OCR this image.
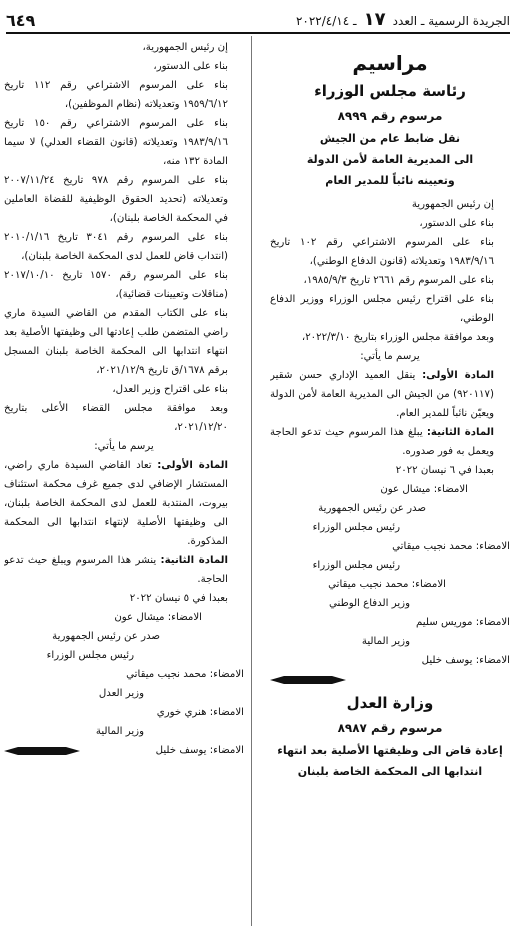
الجريدة الرسمية ـ العدد ١٧ ـ ٢٠٢٢/٤/١٤
٦٤٩
مراسيم
رئاسة مجلس الوزراء
مرسوم رقم ٨٩٩٩
نقل ضابط عام من الجيش
الى المديرية العامة لأمن الدولة
وتعيينه نائباً للمدير العام

إن رئيس الجمهورية

بناء على الدستور،

بناء على المرسوم الاشتراعي رقم ١٠٢ تاريخ ١٩٨٣/٩/١٦ وتعديلاته (قانون الدفاع الوطني)،

بناء على المرسوم رقم ٢٦٦١ تاريخ ١٩٨٥/٩/٣،

بناء على اقتراح رئيس مجلس الوزراء ووزير الدفاع الوطني،

وبعد موافقة مجلس الوزراء بتاريخ ٢٠٢٢/٣/١٠،

يرسم ما يأتي:

المادة الأولى: ينقل العميد الإداري حسن شقير (٩٢٠١١٧) من الجيش الى المديرية العامة لأمن الدولة ويعيّن نائباً للمدير العام.

المادة الثانية: يبلغ هذا المرسوم حيث تدعو الحاجة ويعمل به فور صدوره.

بعبدا في ٦ نيسان ٢٠٢٢

الامضاء: ميشال عون

صدر عن رئيس الجمهورية

رئيس مجلس الوزراء

الامضاء: محمد نجيب ميقاتي

رئيس مجلس الوزراء

الامضاء: محمد نجيب ميقاتي

وزير الدفاع الوطني

الامضاء: موريس سليم

وزير المالية

الامضاء: يوسف خليل

وزارة العدل
مرسوم رقم ٨٩٨٧
إعادة قاض الى وظيفتها الأصلية بعد انتهاء
انتدابها الى المحكمة الخاصة بلبنان

إن رئيس الجمهورية،

بناء على الدستور،

بناء على المرسوم الاشتراعي رقم ١١٢ تاريخ ١٩٥٩/٦/١٢ وتعديلاته (نظام الموظفين)،

بناء على المرسوم الاشتراعي رقم ١٥٠ تاريخ ١٩٨٣/٩/١٦ وتعديلاته (قانون القضاء العدلي) لا سيما المادة ١٣٢ منه،

بناء على المرسوم رقم ٩٧٨ تاريخ ٢٠٠٧/١١/٢٤ وتعديلاته (تحديد الحقوق الوظيفية للقضاة العاملين في المحكمة الخاصة بلبنان)،

بناء على المرسوم رقم ٣٠٤١ تاريخ ٢٠١٠/١/١٦ (انتداب قاض للعمل لدى المحكمة الخاصة بلبنان)،

بناء على المرسوم رقم ١٥٧٠ تاريخ ٢٠١٧/١٠/١٠ (مناقلات وتعيينات قضائية)،

بناء على الكتاب المقدم من القاضي السيدة ماري راضي المتضمن طلب إعادتها الى وظيفتها الأصلية بعد انتهاء انتدابها الى المحكمة الخاصة بلبنان المسجل برقم ١٦٧٨/ق تاريخ ٢٠٢١/١٢/٩،

بناء على اقتراح وزير العدل،

وبعد موافقة مجلس القضاء الأعلى بتاريخ ٢٠٢١/١٢/٢٠،

يرسم ما يأتي:

المادة الأولى: تعاد القاضي السيدة ماري راضي، المستشار الإضافي لدى جميع غرف محكمة استئناف بيروت، المنتدبة للعمل لدى المحكمة الخاصة بلبنان، الى وظيفتها الأصلية لإنتهاء انتدابها الى المحكمة المذكورة.

المادة الثانية: ينشر هذا المرسوم ويبلغ حيث تدعو الحاجة.

بعبدا في ٥ نيسان ٢٠٢٢

الامضاء: ميشال عون

صدر عن رئيس الجمهورية

رئيس مجلس الوزراء

الامضاء: محمد نجيب ميقاتي

وزير العدل

الامضاء: هنري خوري

وزير المالية

الامضاء: يوسف خليل
